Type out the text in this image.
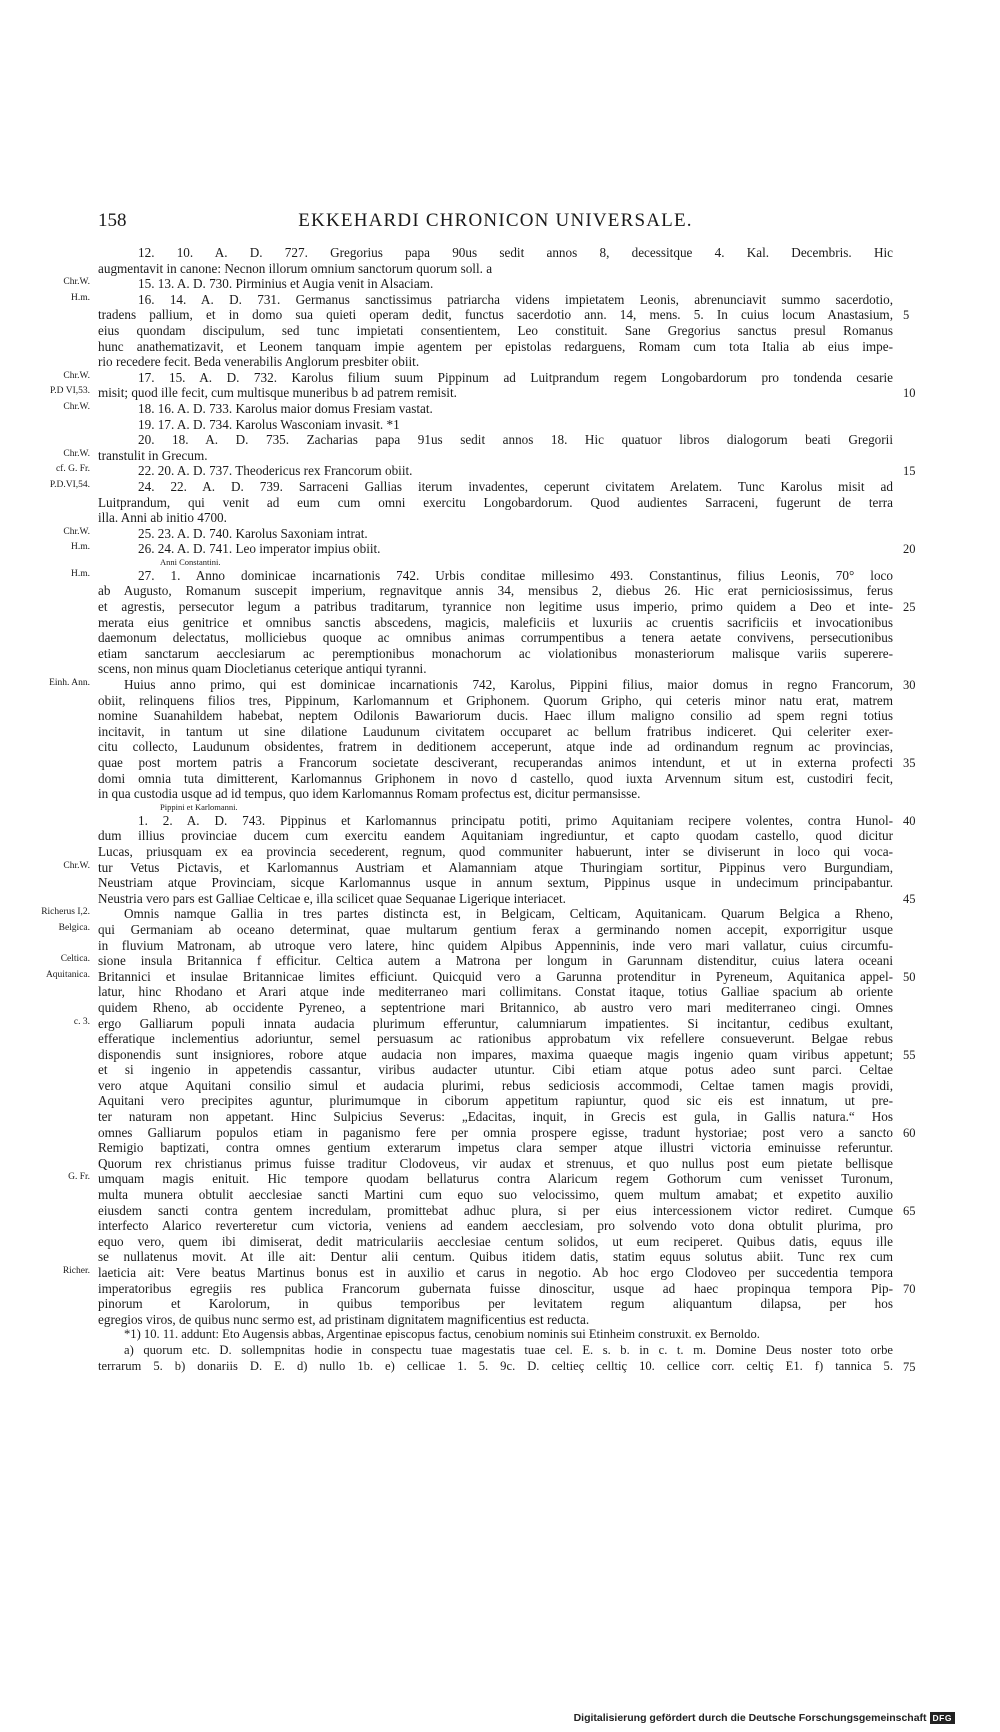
158	EKKEHARDI CHRONICON UNIVERSALE.
12. 10. A. D. 727. Gregorius papa 90us sedit annos 8, decessitque 4. Kal. Decembris. Hic
augmentavit in canone: Necnon illorum omnium sanctorum quorum soll. a
15. 13. A. D. 730. Pirminius et Augia venit in Alsaciam.
Chr.W.
16. 14. A. D. 731. Germanus sanctissimus patriarcha videns impietatem Leonis, abrenunciavit summo sacerdotio,
H.m.
tradens pallium, et in domo sua quieti operam dedit, functus sacerdotio ann. 14, mens. 5. In cuius locum Anastasium, 5
eius quondam discipulum, sed tunc impietati consentientem, Leo constituit. Sane Gregorius sanctus presul Romanus
hunc anathematizavit, et Leonem tanquam impie agentem per epistolas redarguens, Romam cum tota Italia ab eius impe-
rio recedere fecit. Beda venerabilis Anglorum presbiter obiit.
17. 15. A. D. 732. Karolus filium suum Pippinum ad Luitprandum regem Longobardorum pro tondenda cesarie
Chr.W.
misit; quod ille fecit, cum multisque muneribus b ad patrem remisit.
P.D VI,53.	10
18. 16. A. D. 733. Karolus maior domus Fresiam vastat.
Chr.W.
19. 17. A. D. 734. Karolus Wasconiam invasit. *1
20. 18. A. D. 735. Zacharias papa 91us sedit annos 18. Hic quatuor libros dialogorum beati Gregorii
transtulit in Grecum.
Chr.W.
22. 20. A. D. 737. Theodericus rex Francorum obiit.
cf. G. Fr.	15
24. 22. A. D. 739. Sarraceni Gallias iterum invadentes, ceperunt civitatem Arelatem. Tunc Karolus misit ad
P.D.VI,54.
Luitprandum, qui venit ad eum cum omni exercitu Longobardorum. Quod audientes Sarraceni, fugerunt de terra
illa. Anni ab initio 4700.
25. 23. A. D. 740. Karolus Saxoniam intrat.
Chr.W.
26. 24. A. D. 741. Leo imperator impius obiit.
H.m.	20
Anni Constantini.
27. 1. Anno dominicae incarnationis 742. Urbis conditae millesimo 493. Constantinus, filius Leonis, 70° loco
H.m.
ab Augusto, Romanum suscepit imperium, regnavitque annis 34, mensibus 2, diebus 26. Hic erat perniciosissimus, ferus
et agrestis, persecutor legum a patribus traditarum, tyrannice non legitime usus imperio, primo quidem a Deo et inte- 25
merata eius genitrice et omnibus sanctis abscedens, magicis, maleficiis et luxuriis ac cruentis sacrificiis et invocationibus
daemonum delectatus, molliciebus quoque ac omnibus animas corrumpentibus a tenera aetate convivens, persecutionibus
etiam sanctarum aecclesiarum ac peremptionibus monachorum ac violationibus monasteriorum malisque variis superere-
scens, non minus quam Diocletianus ceterique antiqui tyranni.
Huius anno primo, qui est dominicae incarnationis 742, Karolus, Pippini filius, maior domus in regno Francorum,
Einh. Ann.	30
obiit, relinquens filios tres, Pippinum, Karlomannum et Griphonem. Quorum Gripho, qui ceteris minor natu erat, matrem
nomine Suanahildem habebat, neptem Odilonis Bawariorum ducis. Haec illum maligno consilio ad spem regni totius
incitavit, in tantum ut sine dilatione Laudunum civitatem occuparet ac bellum fratribus indiceret. Qui celeriter exer-
citu collecto, Laudunum obsidentes, fratrem in deditionem acceperunt, atque inde ad ordinandum regnum ac provincias,
quae post mortem patris a Francorum societate desciverant, recuperandas animos intendunt, et ut in externa profecti 35
domi omnia tuta dimitterent, Karlomannus Griphonem in novo d castello, quod iuxta Arvennum situm est, custodiri fecit,
in qua custodia usque ad id tempus, quo idem Karlomannus Romam profectus est, dicitur permansisse.
Pippini et Karlomanni.
1. 2. A. D. 743. Pippinus et Karlomannus principatu potiti, primo Aquitaniam recipere volentes, contra Hunol- 40
dum illius provinciae ducem cum exercitu eandem Aquitaniam ingrediuntur, et capto quodam castello, quod dicitur
Lucas, priusquam ex ea provincia secederent, regnum, quod communiter habuerunt, inter se diviserunt in loco qui voca-
tur Vetus Pictavis, et Karlomannus Austriam et Alamanniam atque Thuringiam sortitur, Pippinus vero Burgundiam,
Chr.W.
Neustriam atque Provinciam, sicque Karlomannus usque in annum sextum, Pippinus usque in undecimum principabantur.
Neustria vero pars est Galliae Celticae e, illa scilicet quae Sequanae Ligerique interiacet.	45
Omnis namque Gallia in tres partes distincta est, in Belgicam, Celticam, Aquitanicam. Quarum Belgica a Rheno,
Richerus I,2.
qui Germaniam ab oceano determinat, quae multarum gentium ferax a germinando nomen accepit, exporrigitur usque
Belgica.
in fluvium Matronam, ab utroque vero latere, hinc quidem Alpibus Appenninis, inde vero mari vallatur, cuius circumfu-
sione insula Britannica f efficitur. Celtica autem a Matrona per longum in Garunnam distenditur, cuius latera oceani
Celtica.
Britannici et insulae Britannicae limites efficiunt. Quicquid vero a Garunna protenditur in Pyreneum, Aquitanica appel-
Aquitanica.	50
latur, hinc Rhodano et Arari atque inde mediterraneo mari collimitans. Constat itaque, totius Galliae spacium ab oriente
quidem Rheno, ab occidente Pyreneo, a septentrione mari Britannico, ab austro vero mari mediterraneo cingi. Omnes
ergo Galliarum populi innata audacia plurimum efferuntur, calumniarum impatientes. Si incitantur, cedibus exultant,
c. 3.
efferatique inclementius adoriuntur, semel persuasum ac rationibus approbatum vix refellere consueverunt. Belgae rebus
disponendis sunt insigniores, robore atque audacia non impares, maxima quaeque magis ingenio quam viribus appetunt; 55
et si ingenio in appetendis cassantur, viribus audacter utuntur. Cibi etiam atque potus adeo sunt parci. Celtae
vero atque Aquitani consilio simul et audacia plurimi, rebus sediciosis accommodi, Celtae tamen magis providi,
Aquitani vero precipites aguntur, plurimumque in ciborum appetitum rapiuntur, quod sic eis est innatum, ut pre-
ter naturam non appetant. Hinc Sulpicius Severus: „Edacitas, inquit, in Grecis est gula, in Gallis natura.“ Hos
omnes Galliarum populos etiam in paganismo fere per omnia prospere egisse, tradunt hystoriae; post vero a sancto 60
Remigio baptizati, contra omnes gentium exterarum impetus clara semper atque illustri victoria eminuisse referuntur.
Quorum rex christianus primus fuisse traditur Clodoveus, vir audax et strenuus, et quo nullus post eum pietate bellisque
umquam magis enituit. Hic tempore quodam bellaturus contra Alaricum regem Gothorum cum venisset Turonum,
G. Fr.
multa munera obtulit aecclesiae sancti Martini cum equo suo velocissimo, quem multum amabat; et expetito auxilio
eiusdem sancti contra gentem incredulam, promittebat adhuc plura, si per eius intercessionem victor rediret. Cumque 65
interfecto Alarico reverteretur cum victoria, veniens ad eandem aecclesiam, pro solvendo voto dona obtulit plurima, pro
equo vero, quem ibi dimiserat, dedit matriculariis aecclesiae centum solidos, ut eum reciperet. Quibus datis, equus ille
se nullatenus movit. At ille ait: Dentur alii centum. Quibus itidem datis, statim equus solutus abiit. Tunc rex cum
laeticia ait: Vere beatus Martinus bonus est in auxilio et carus in negotio. Ab hoc ergo Clodoveo per succedentia tempora
Richer.
imperatoribus egregiis res publica Francorum gubernata fuisse dinoscitur, usque ad haec propinqua tempora Pip- 70
pinorum et Karolorum, in quibus temporibus per levitatem regum aliquantum dilapsa, per hos
egregios viros, de quibus nunc sermo est, ad pristinam dignitatem magnificentius est reducta.
*1) 10. 11. addunt: Eto Augensis abbas, Argentinae episcopus factus, cenobium nominis sui Etinheim construxit. ex Bernoldo.
a) quorum etc. D. sollempnitas hodie in conspectu tuae magestatis tuae cel. E. s. b. in c. t. m. Domine Deus noster toto orbe
terrarum 5. b) donariis D. E. d) nullo 1b. e) cellicae 1. 5. 9c. D. celtieç celltiç 10. cellice corr. celtiç E1. f) tannica 5. 75
Digitalisierung gefördert durch die Deutsche Forschungsgemeinschaft DFG
